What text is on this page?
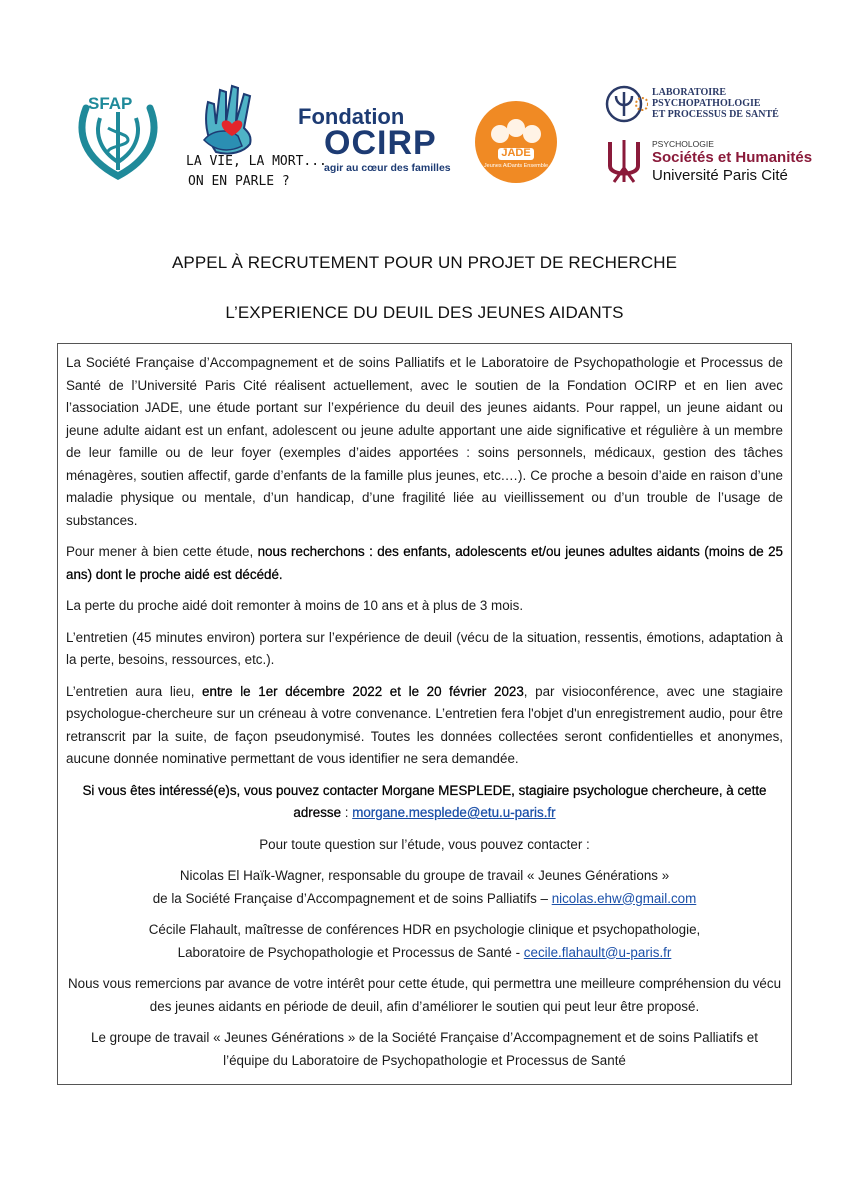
SFAP
LA VIE, LA MORT...
ON EN PARLE ?
Fondation
OCIRP
agir au cœur des familles
JADE
Jeunes AiDants Ensemble
LABORATOIRE
PSYCHOPATHOLOGIE
ET PROCESSUS DE SANTÉ
PSYCHOLOGIE
Sociétés et Humanités
Université Paris Cité
APPEL À RECRUTEMENT POUR UN PROJET DE RECHERCHE
L’EXPERIENCE DU DEUIL DES JEUNES AIDANTS

La Société Française d’Accompagnement et de soins Palliatifs et le Laboratoire de Psychopathologie et Processus de Santé de l’Université Paris Cité réalisent actuellement, avec le soutien de la Fondation OCIRP et en lien avec l’association JADE, une étude portant sur l’expérience du deuil des jeunes aidants. Pour rappel, un jeune aidant ou jeune adulte aidant est un enfant, adolescent ou jeune adulte apportant une aide significative et régulière à un membre de leur famille ou de leur foyer (exemples d’aides apportées : soins personnels, médicaux, gestion des tâches ménagères, soutien affectif, garde d’enfants de la famille plus jeunes, etc.…). Ce proche a besoin d’aide en raison d’une maladie physique ou mentale, d’un handicap, d’une fragilité liée au vieillissement ou d’un trouble de l’usage de substances.

Pour mener à bien cette étude, nous recherchons : des enfants, adolescents et/ou jeunes adultes aidants (moins de 25 ans) dont le proche aidé est décédé.

La perte du proche aidé doit remonter à moins de 10 ans et à plus de 3 mois.

L’entretien (45 minutes environ) portera sur l’expérience de deuil (vécu de la situation, ressentis, émotions, adaptation à la perte, besoins, ressources, etc.).

L’entretien aura lieu, entre le 1er décembre 2022 et le 20 février 2023, par visioconférence, avec une stagiaire psychologue-chercheure sur un créneau à votre convenance. L’entretien fera l'objet d'un enregistrement audio, pour être retranscrit par la suite, de façon pseudonymisé. Toutes les données collectées seront confidentielles et anonymes, aucune donnée nominative permettant de vous identifier ne sera demandée.

Si vous êtes intéressé(e)s, vous pouvez contacter Morgane MESPLEDE, stagiaire psychologue chercheure, à cette adresse : morgane.mesplede@etu.u-paris.fr

Pour toute question sur l’étude, vous pouvez contacter :

Nicolas El Haïk-Wagner, responsable du groupe de travail « Jeunes Générations »
de la Société Française d’Accompagnement et de soins Palliatifs – nicolas.ehw@gmail.com

Cécile Flahault, maîtresse de conférences HDR en psychologie clinique et psychopathologie,
Laboratoire de Psychopathologie et Processus de Santé - cecile.flahault@u-paris.fr

Nous vous remercions par avance de votre intérêt pour cette étude, qui permettra une meilleure compréhension du vécu des jeunes aidants en période de deuil, afin d’améliorer le soutien qui peut leur être proposé.

Le groupe de travail « Jeunes Générations » de la Société Française d’Accompagnement et de soins Palliatifs et
l’équipe du Laboratoire de Psychopathologie et Processus de Santé
